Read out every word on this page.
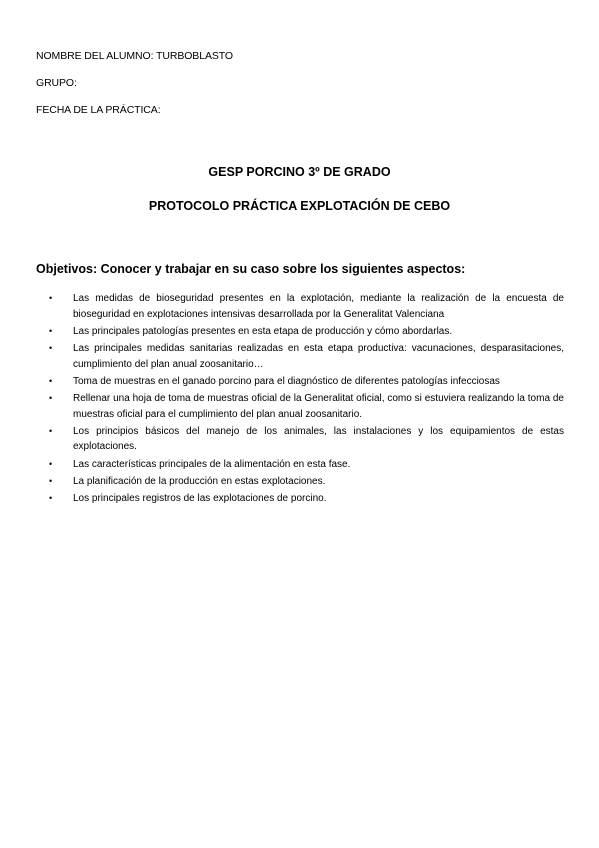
NOMBRE DEL ALUMNO: TURBOBLASTO
GRUPO:
FECHA DE LA PRÁCTICA:
GESP PORCINO 3º DE GRADO
PROTOCOLO PRÁCTICA EXPLOTACIÓN DE CEBO
Objetivos: Conocer y trabajar en su caso sobre los siguientes aspectos:
• Las medidas de bioseguridad presentes en la explotación, mediante la realización de la encuesta de bioseguridad en explotaciones intensivas desarrollada por la Generalitat Valenciana
• Las principales patologías presentes en esta etapa de producción y cómo abordarlas.
• Las principales medidas sanitarias realizadas en esta etapa productiva: vacunaciones, desparasitaciones, cumplimiento del plan anual zoosanitario…
• Toma de muestras en el ganado porcino para el diagnóstico de diferentes patologías infecciosas
• Rellenar una hoja de toma de muestras oficial de la Generalitat oficial, como si estuviera realizando la toma de muestras oficial para el cumplimiento del plan anual zoosanitario.
• Los principios básicos del manejo de los animales, las instalaciones y los equipamientos de estas explotaciones.
• Las características principales de la alimentación en esta fase.
• La planificación de la producción en estas explotaciones.
• Los principales registros de las explotaciones de porcino.
